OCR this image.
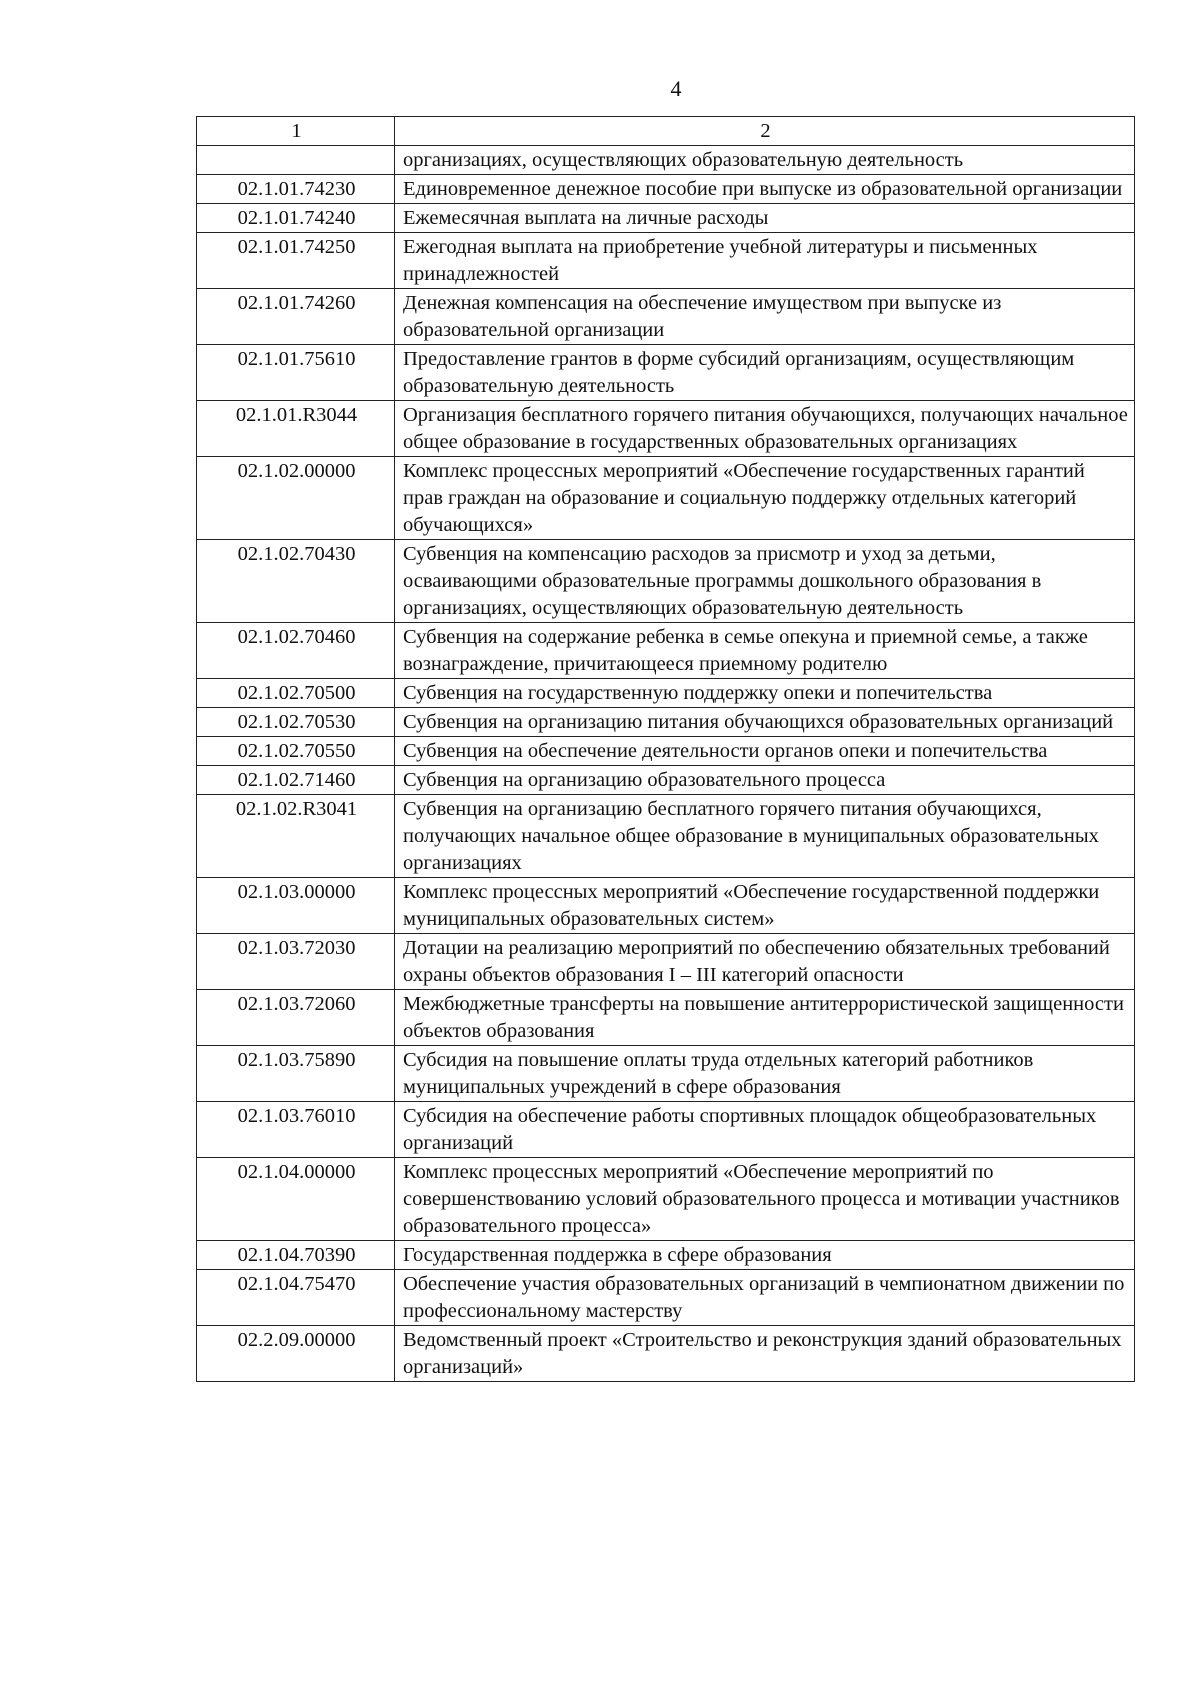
4
1	2
	организациях, осуществляющих образовательную деятельность
02.1.01.74230	Единовременное денежное пособие при выпуске из образовательной организации
02.1.01.74240	Ежемесячная выплата на личные расходы
02.1.01.74250	Ежегодная выплата на приобретение учебной литературы и письменных принадлежностей
02.1.01.74260	Денежная компенсация на обеспечение имуществом при выпуске из образовательной организации
02.1.01.75610	Предоставление грантов в форме субсидий организациям, осуществляющим образовательную деятельность
02.1.01.R3044	Организация бесплатного горячего питания обучающихся, получающих начальное общее образование в государственных образовательных организациях
02.1.02.00000	Комплекс процессных мероприятий «Обеспечение государственных гарантий прав граждан на образование и социальную поддержку отдельных категорий обучающихся»
02.1.02.70430	Субвенция на компенсацию расходов за присмотр и уход за детьми, осваивающими образовательные программы дошкольного образования в организациях, осуществляющих образовательную деятельность
02.1.02.70460	Субвенция на содержание ребенка в семье опекуна и приемной семье, а также вознаграждение, причитающееся приемному родителю
02.1.02.70500	Субвенция на государственную поддержку опеки и попечительства
02.1.02.70530	Субвенция на организацию питания обучающихся образовательных организаций
02.1.02.70550	Субвенция на обеспечение деятельности органов опеки и попечительства
02.1.02.71460	Субвенция на организацию образовательного процесса
02.1.02.R3041	Субвенция на организацию бесплатного горячего питания обучающихся, получающих начальное общее образование в муниципальных образовательных организациях
02.1.03.00000	Комплекс процессных мероприятий «Обеспечение государственной поддержки муниципальных образовательных систем»
02.1.03.72030	Дотации на реализацию мероприятий по обеспечению обязательных требований охраны объектов образования I – III категорий опасности
02.1.03.72060	Межбюджетные трансферты на повышение антитеррористической защищенности объектов образования
02.1.03.75890	Субсидия на повышение оплаты труда отдельных категорий работников муниципальных учреждений в сфере образования
02.1.03.76010	Субсидия на обеспечение работы спортивных площадок общеобразовательных организаций
02.1.04.00000	Комплекс процессных мероприятий «Обеспечение мероприятий по совершенствованию условий образовательного процесса и мотивации участников образовательного процесса»
02.1.04.70390	Государственная поддержка в сфере образования
02.1.04.75470	Обеспечение участия образовательных организаций в чемпионатном движении по профессиональному мастерству
02.2.09.00000	Ведомственный проект «Строительство и реконструкция зданий образовательных организаций»
